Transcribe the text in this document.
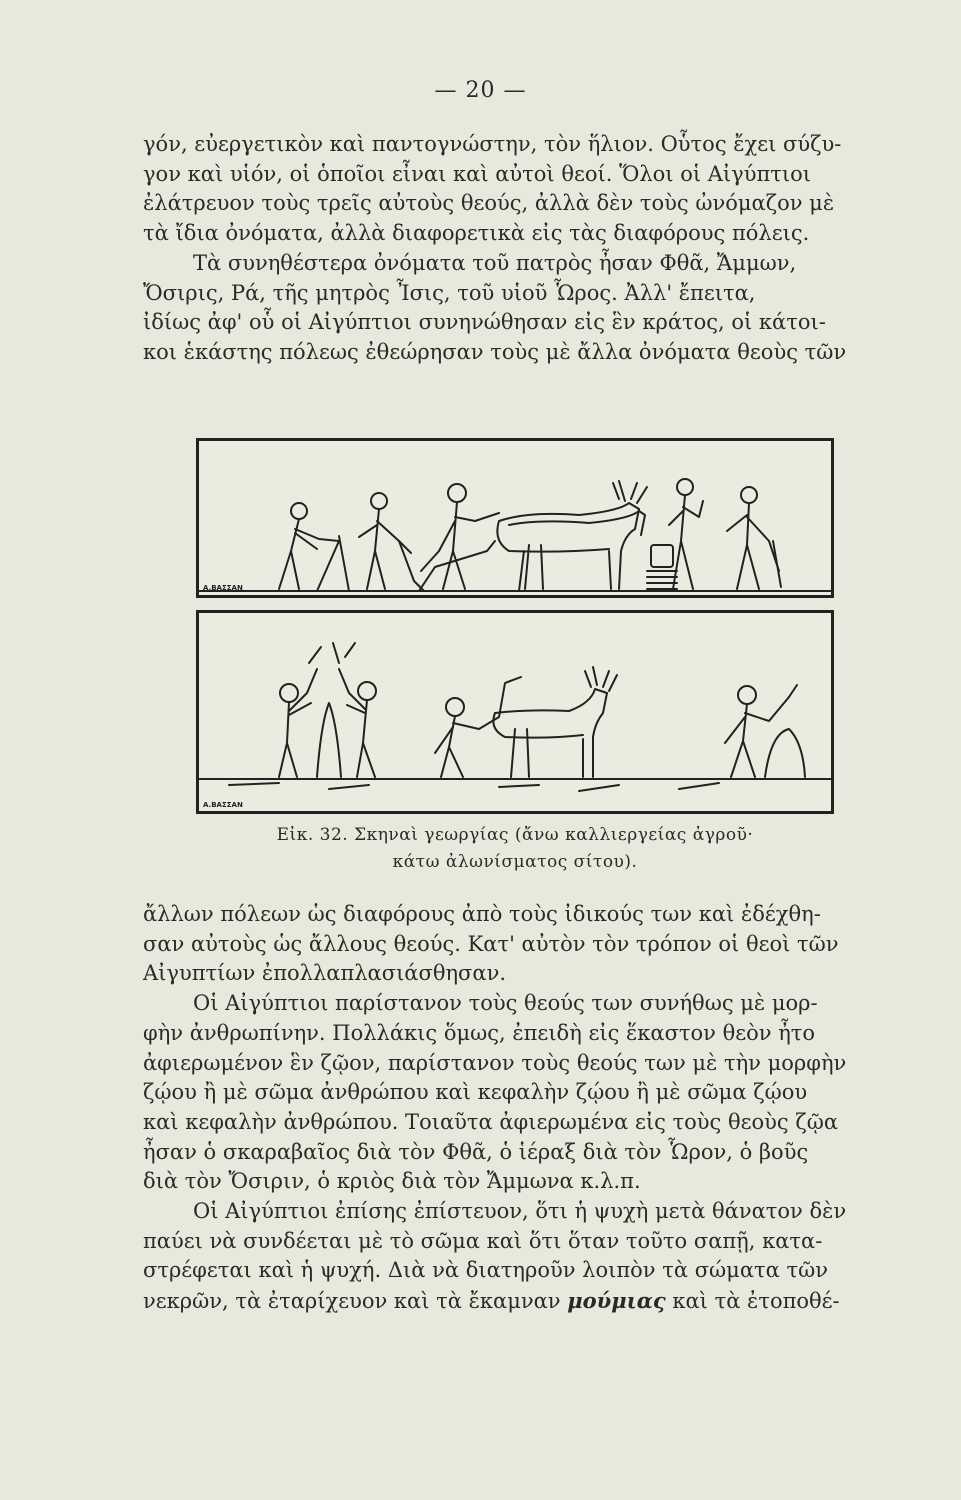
— 20 —

γόν, εὐεργετικὸν καὶ παντογνώστην, τὸν ἥλιον. Οὗτος ἔχει σύζυ-
γον καὶ υἱόν, οἱ ὁποῖοι εἶναι καὶ αὐτοὶ θεοί. Ὅλοι οἱ Αἰγύπτιοι
ἐλάτρευον τοὺς τρεῖς αὐτοὺς θεούς, ἀλλὰ δὲν τοὺς ὠνόμαζον μὲ
τὰ ἴδια ὀνόματα, ἀλλὰ διαφορετικὰ εἰς τὰς διαφόρους πόλεις.

Τὰ συνηθέστερα ὀνόματα τοῦ πατρὸς ἦσαν Φθᾶ, Ἄμμων,
Ὄσιρις, Ρά, τῆς μητρὸς Ἶσις, τοῦ υἱοῦ Ὧρος. Ἀλλ' ἔπειτα,
ἰδίως ἀφ' οὗ οἱ Αἰγύπτιοι συνηνώθησαν εἰς ἓν κράτος, οἱ κάτοι-
κοι ἑκάστης πόλεως ἐθεώρησαν τοὺς μὲ ἄλλα ὀνόματα θεοὺς τῶν

A.ΒΑΣΣΑΝ
A.ΒΑΣΣΑΝ
Εἰκ. 32. Σκηναὶ γεωργίας (ἄνω καλλιεργείας ἀγροῦ·
κάτω ἀλωνίσματος σίτου).

ἄλλων πόλεων ὡς διαφόρους ἀπὸ τοὺς ἰδικούς των καὶ ἐδέχθη-
σαν αὐτοὺς ὡς ἄλλους θεούς. Κατ' αὐτὸν τὸν τρόπον οἱ θεοὶ τῶν
Αἰγυπτίων ἐπολλαπλασιάσθησαν.

Οἱ Αἰγύπτιοι παρίστανον τοὺς θεούς των συνήθως μὲ μορ-
φὴν ἀνθρωπίνην. Πολλάκις ὅμως, ἐπειδὴ εἰς ἕκαστον θεὸν ἦτο
ἀφιερωμένον ἓν ζῷον, παρίστανον τοὺς θεούς των μὲ τὴν μορφὴν
ζῴου ἢ μὲ σῶμα ἀνθρώπου καὶ κεφαλὴν ζῴου ἢ μὲ σῶμα ζῴου
καὶ κεφαλὴν ἀνθρώπου. Τοιαῦτα ἀφιερωμένα εἰς τοὺς θεοὺς ζῷα
ἦσαν ὁ σκαραβαῖος διὰ τὸν Φθᾶ, ὁ ἱέραξ διὰ τὸν Ὧρον, ὁ βοῦς
διὰ τὸν Ὄσιριν, ὁ κριὸς διὰ τὸν Ἄμμωνα κ.λ.π.

Οἱ Αἰγύπτιοι ἐπίσης ἐπίστευον, ὅτι ἡ ψυχὴ μετὰ θάνατον δὲν
παύει νὰ συνδέεται μὲ τὸ σῶμα καὶ ὅτι ὅταν τοῦτο σαπῇ, κατα-
στρέφεται καὶ ἡ ψυχή. Διὰ νὰ διατηροῦν λοιπὸν τὰ σώματα τῶν
νεκρῶν, τὰ ἐταρίχευον καὶ τὰ ἔκαμναν μούμιας καὶ τὰ ἐτοποθέ-
